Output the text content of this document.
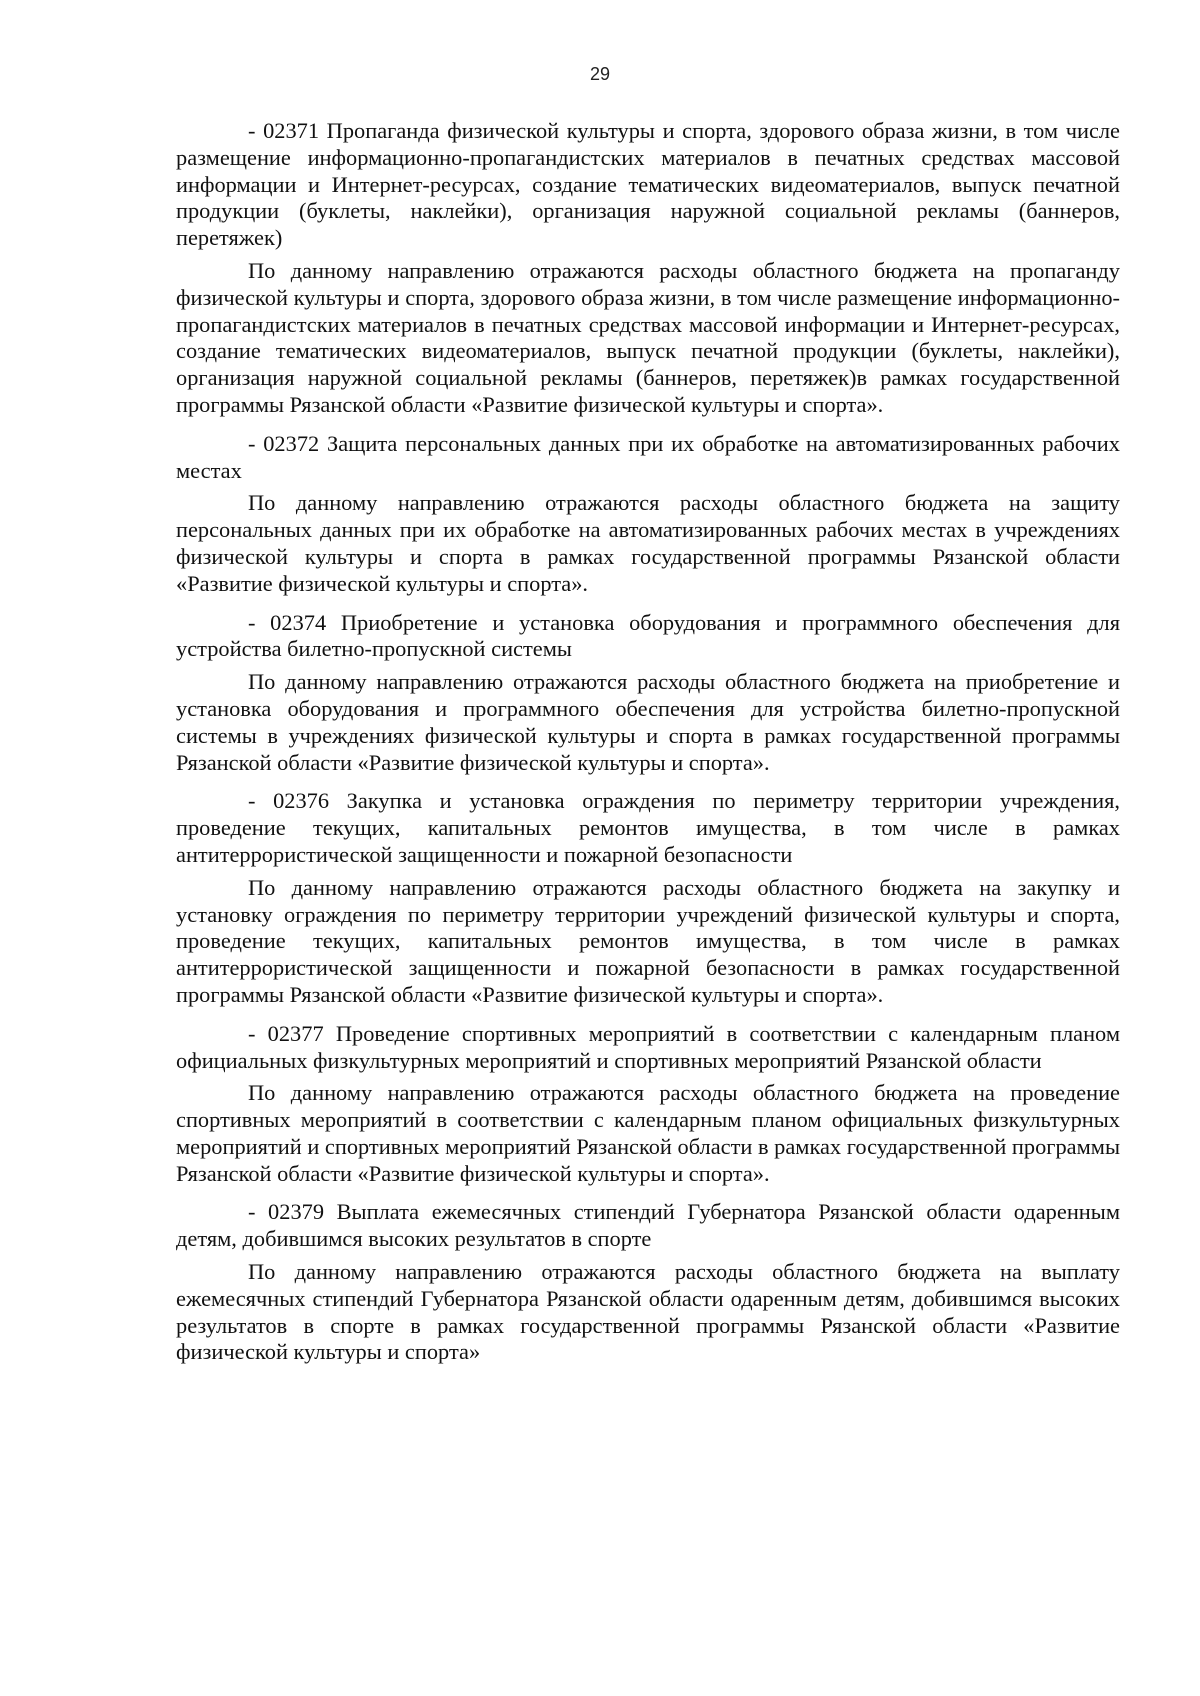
29

- 02371 Пропаганда физической культуры и спорта, здорового образа жизни, в том числе размещение информационно-пропагандистских материалов в печатных средствах массовой информации и Интернет-ресурсах, создание тематических видеоматериалов, выпуск печатной продукции (буклеты, наклейки), организация наружной социальной рекламы (баннеров, перетяжек)

По данному направлению отражаются расходы областного бюджета на пропаганду физической культуры и спорта, здорового образа жизни, в том числе размещение информационно-пропагандистских материалов в печатных средствах массовой информации и Интернет-ресурсах, создание тематических видеоматериалов, выпуск печатной продукции (буклеты, наклейки), организация наружной социальной рекламы (баннеров, перетяжек)в рамках государственной программы Рязанской области «Развитие физической культуры и спорта».

- 02372 Защита персональных данных при их обработке на автоматизированных рабочих местах

По данному направлению отражаются расходы областного бюджета на защиту персональных данных при их обработке на автоматизированных рабочих местах в учреждениях физической культуры и спорта в рамках государственной программы Рязанской области «Развитие физической культуры и спорта».

- 02374 Приобретение и установка оборудования и программного обеспечения для устройства билетно-пропускной системы

По данному направлению отражаются расходы областного бюджета на приобретение и установка оборудования и программного обеспечения для устройства билетно-пропускной системы в учреждениях физической культуры и спорта в рамках государственной программы Рязанской области «Развитие физической культуры и спорта».

- 02376 Закупка и установка ограждения по периметру территории учреждения, проведение текущих, капитальных ремонтов имущества, в том числе в рамках антитеррористической защищенности и пожарной безопасности

По данному направлению отражаются расходы областного бюджета на закупку и установку ограждения по периметру территории учреждений физической культуры и спорта, проведение текущих, капитальных ремонтов имущества, в том числе в рамках антитеррористической защищенности и пожарной безопасности в рамках государственной программы Рязанской области «Развитие физической культуры и спорта».

- 02377 Проведение спортивных мероприятий в соответствии с календарным планом официальных физкультурных мероприятий и спортивных мероприятий Рязанской области

По данному направлению отражаются расходы областного бюджета на проведение спортивных мероприятий в соответствии с календарным планом официальных физкультурных мероприятий и спортивных мероприятий Рязанской области в рамках государственной программы Рязанской области «Развитие физической культуры и спорта».

- 02379 Выплата ежемесячных стипендий Губернатора Рязанской области одаренным детям, добившимся высоких результатов в спорте

По данному направлению отражаются расходы областного бюджета на выплату ежемесячных стипендий Губернатора Рязанской области одаренным детям, добившимся высоких результатов в спорте в рамках государственной программы Рязанской области «Развитие физической культуры и спорта»
